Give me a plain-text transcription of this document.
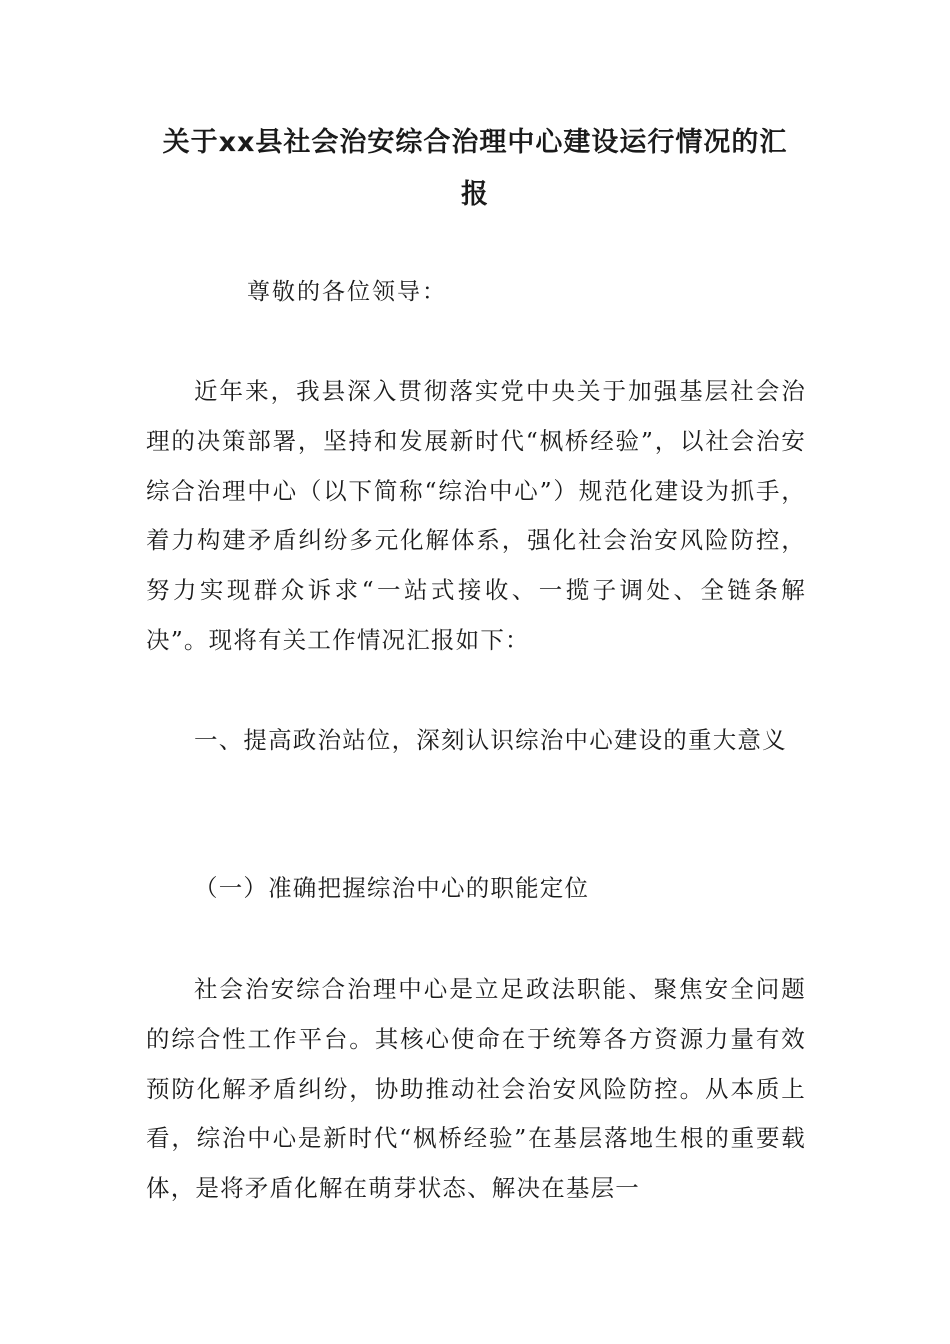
关于xx县社会治安综合治理中心建设运行情况的汇
报
尊敬的各位领导：

近年来，我县深入贯彻落实党中央关于加强基层社会治理的决策部署，坚持和发展新时代“枫桥经验”，以社会治安综合治理中心（以下简称“综治中心”）规范化建设为抓手，着力构建矛盾纠纷多元化解体系，强化社会治安风险防控，努力实现群众诉求“一站式接收、一揽子调处、全链条解决”。现将有关工作情况汇报如下：

一、提高政治站位，深刻认识综治中心建设的重大意义

（一）准确把握综治中心的职能定位

社会治安综合治理中心是立足政法职能、聚焦安全问题的综合性工作平台。其核心使命在于统筹各方资源力量有效预防化解矛盾纠纷，协助推动社会治安风险防控。从本质上看，综治中心是新时代“枫桥经验”在基层落地生根的重要载体，是将矛盾化解在萌芽状态、解决在基层一
